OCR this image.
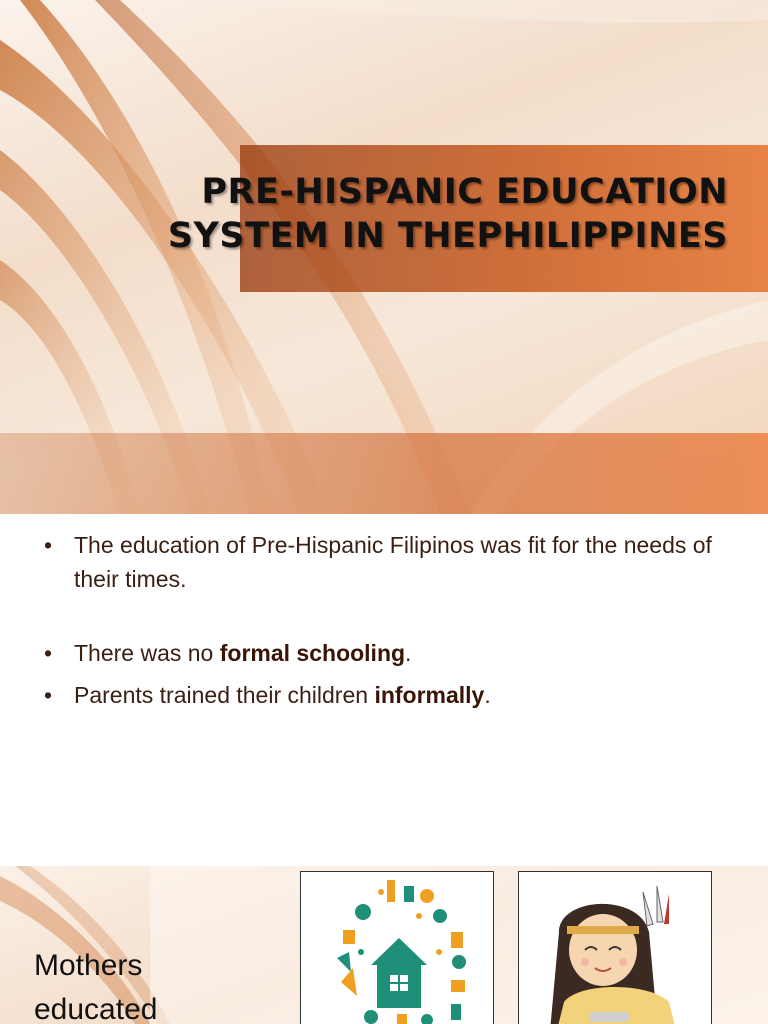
PRE-HISPANIC EDUCATION
SYSTEM IN THEPHILIPPINES
• The education of Pre-Hispanic Filipinos was fit for the needs of their times.
• There was no formal schooling.
• Parents trained their children informally.
Mothers
educated
